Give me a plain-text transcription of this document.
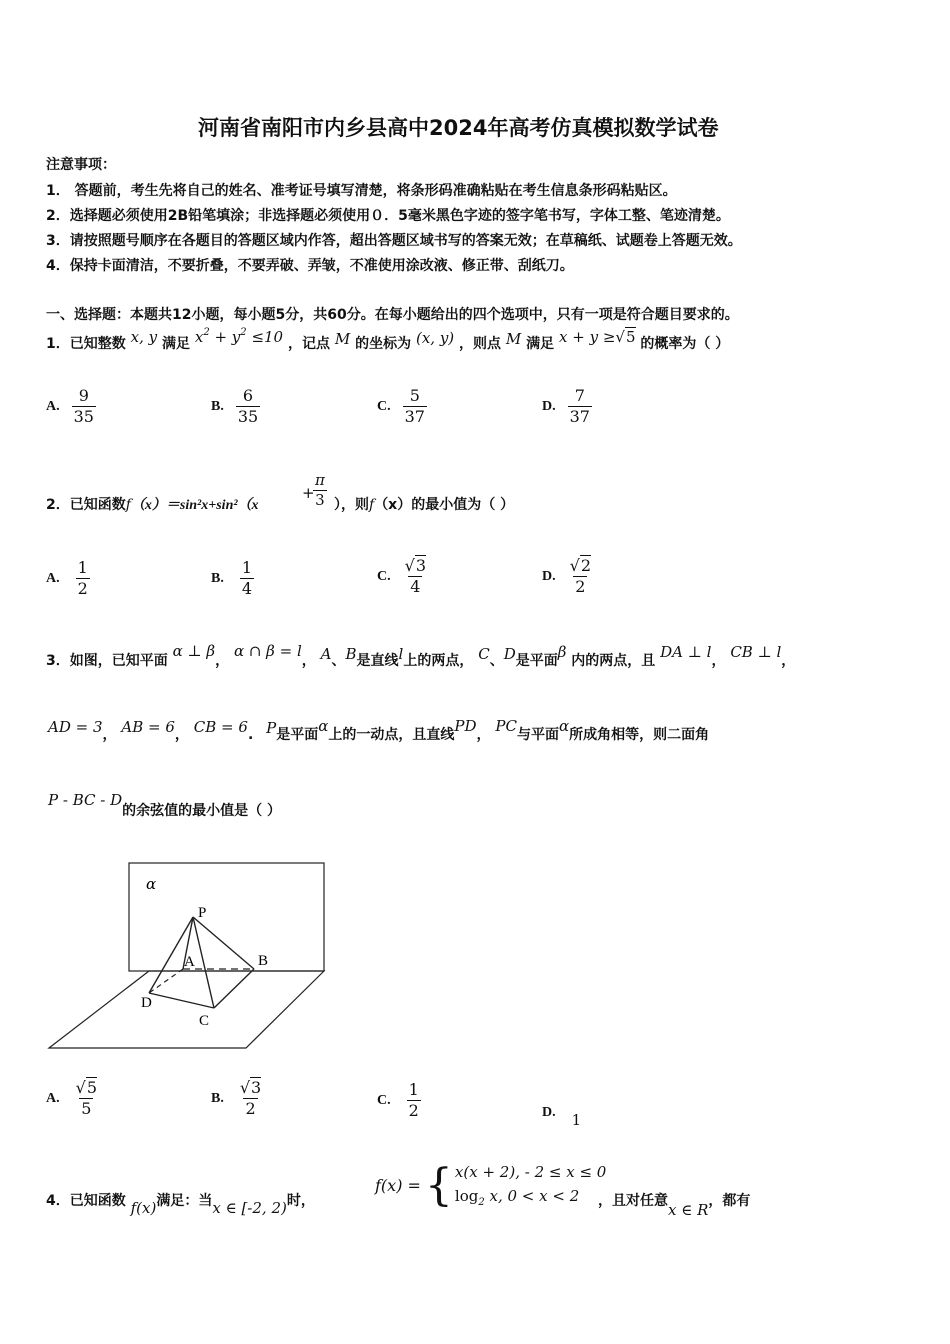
河南省南阳市内乡县高中2024年高考仿真模拟数学试卷
注意事项：
1． 答题前，考生先将自己的姓名、准考证号填写清楚，将条形码准确粘贴在考生信息条形码粘贴区。
2．选择题必须使用2B铅笔填涂；非选择题必须使用０．5毫米黑色字迹的签字笔书写，字体工整、笔迹清楚。
3．请按照题号顺序在各题目的答题区域内作答，超出答题区域书写的答案无效；在草稿纸、试题卷上答题无效。
4．保持卡面清洁，不要折叠，不要弄破、弄皱，不准使用涂改液、修正带、刮纸刀。
一、选择题：本题共12小题，每小题5分，共60分。在每小题给出的四个选项中，只有一项是符合题目要求的。
1．已知整数 x, y 满足 $x^2 + y^2 \le 10$ ，记点 M 的坐标为 (x, y) ，则点 M 满足 x + y ≥√5 的概率为（ ）
A. $\frac{9}{35}$	B. $\frac{6}{35}$	C. $\frac{5}{37}$	D. $\frac{7}{37}$
2．已知函数f（x）＝sin²x+sin²（x
+
$\frac{\pi}{3}$ ），则f（x）的最小值为（ ）
A. $\frac{1}{2}$	B. $\frac{1}{4}$	C. $\frac{√3}{4}$	D. $\frac{√2}{2}$
3．如图，已知平面 α ⊥ β， α ∩ β = l， A、B是直线l上的两点， C、D是平面β 内的两点，且 DA ⊥ l， CB ⊥ l，
AD = 3， AB = 6， CB = 6. P是平面α上的一动点，且直线PD， PC与平面α所成角相等，则二面角
P - BC - D的余弦值的最小值是（ ）
α
P
A	B
D
C
A. $\frac{√5}{5}$	B. $\frac{√3}{2}$	C. $\frac{1}{2}$	D. 1
4．已知函数 f(x)满足：当x ∈ [-2, 2)时，
f(x) = { x(x + 2), - 2 ≤ x ≤ 0
$\log_2 x$, 0 < x < 2	，且对任意x ∈ R，都有
